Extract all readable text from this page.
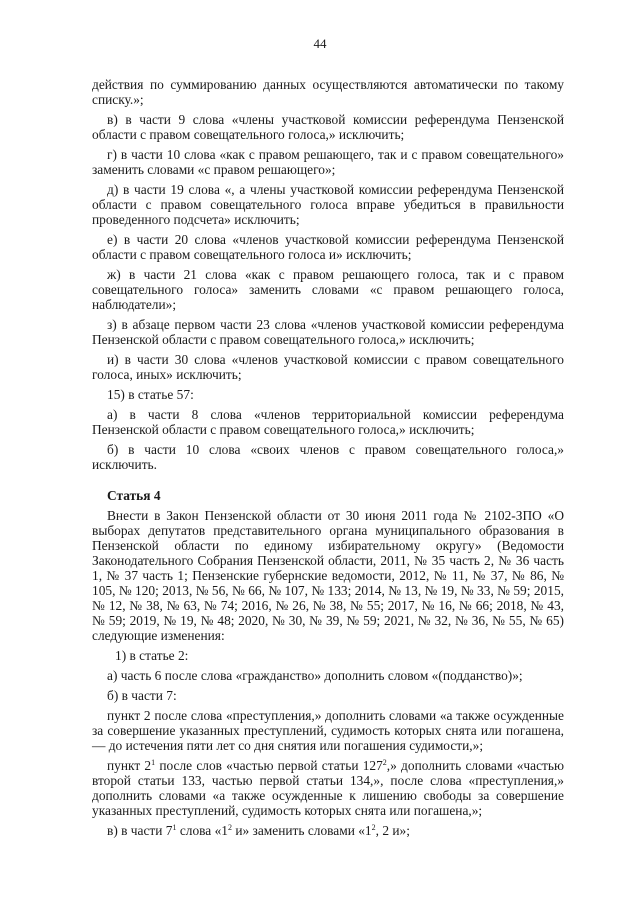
44

действия по суммированию данных осуществляются автоматически по такому списку.»;

в) в части 9 слова «члены участковой комиссии референдума Пензенской области с правом совещательного голоса,» исключить;

г) в части 10 слова «как с правом решающего, так и с правом совещательного» заменить словами «с правом решающего»;

д) в части 19 слова «, а члены участковой комиссии референдума Пензенской области с правом совещательного голоса вправе убедиться в правильности проведенного подсчета» исключить;

е) в части 20 слова «членов участковой комиссии референдума Пензенской области с правом совещательного голоса и» исключить;

ж) в части 21 слова «как с правом решающего голоса, так и с правом совещательного голоса» заменить словами «с правом решающего голоса, наблюдатели»;

з) в абзаце первом части 23 слова «членов участковой комиссии референдума Пензенской области с правом совещательного голоса,» исключить;

и) в части 30 слова «членов участковой комиссии с правом совещательного голоса, иных» исключить;

15) в статье 57:

а) в части 8 слова «членов территориальной комиссии референдума Пензенской области с правом совещательного голоса,» исключить;

б) в части 10 слова «своих членов с правом совещательного голоса,» исключить.

Статья 4

Внести в Закон Пензенской области от 30 июня 2011 года № 2102-ЗПО «О выборах депутатов представительного органа муниципального образования в Пензенской области по единому избирательному округу» (Ведомости Законодательного Собрания Пензенской области, 2011, № 35 часть 2, № 36 часть 1, № 37 часть 1; Пензенские губернские ведомости, 2012, № 11, № 37, № 86, № 105, № 120; 2013, № 56, № 66, № 107, № 133; 2014, № 13, № 19, № 33, № 59; 2015, № 12, № 38, № 63, № 74; 2016, № 26, № 38, № 55; 2017, № 16, № 66; 2018, № 43, № 59; 2019, № 19, № 48; 2020, № 30, № 39, № 59; 2021, № 32, № 36, № 55, № 65) следующие изменения:

1) в статье 2:

а) часть 6 после слова «гражданство» дополнить словом «(подданство)»;

б) в части 7:

пункт 2 после слова «преступления,» дополнить словами «а также осужденные за совершение указанных преступлений, судимость которых снята или погашена, — до истечения пяти лет со дня снятия или погашения судимости,»;

пункт $2^1$ после слов «частью первой статьи $127^2$,» дополнить словами «частью второй статьи 133, частью первой статьи 134,», после слова «преступления,» дополнить словами «а также осужденные к лишению свободы за совершение указанных преступлений, судимость которых снята или погашена,»;

в) в части $7^1$ слова «$1^2$ и» заменить словами «$1^2$, 2 и»;
